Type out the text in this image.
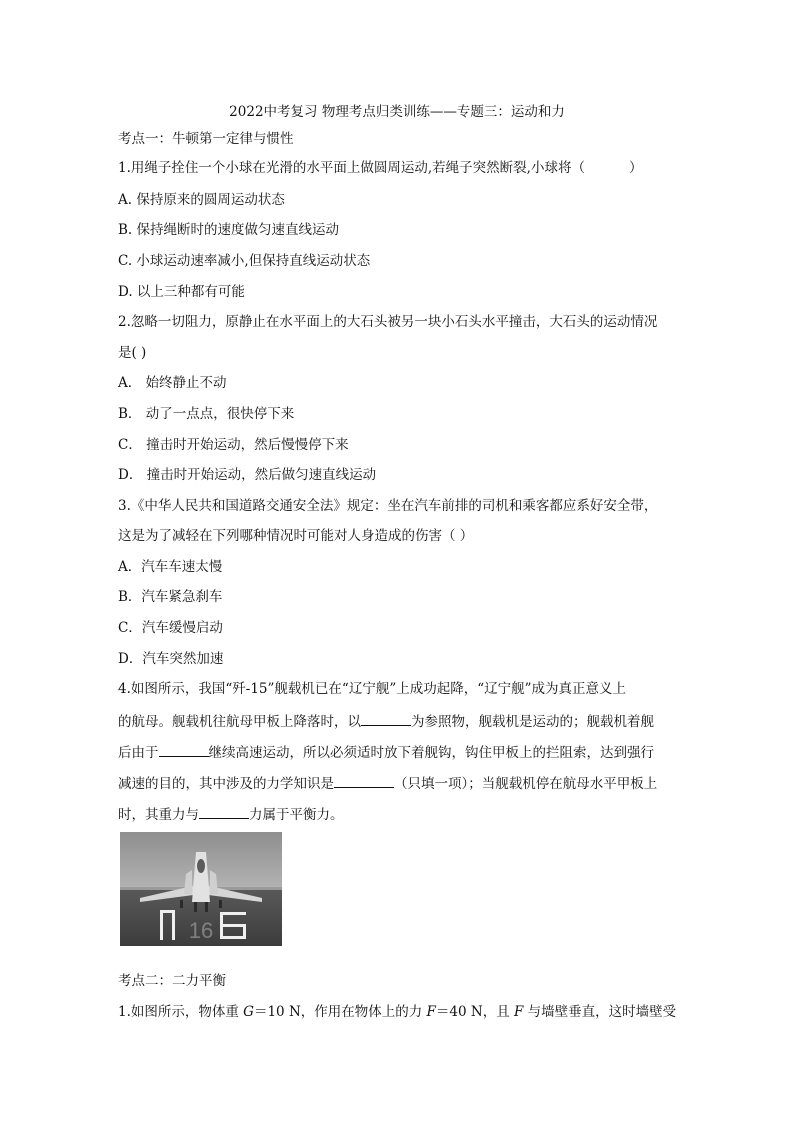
2022中考复习 物理考点归类训练——专题三：运动和力
考点一：牛顿第一定律与惯性
1.用绳子拴住一个小球在光滑的水平面上做圆周运动,若绳子突然断裂,小球将（	）
A. 保持原来的圆周运动状态
B. 保持绳断时的速度做匀速直线运动
C. 小球运动速率减小,但保持直线运动状态
D. 以上三种都有可能
2.忽略一切阻力，原静止在水平面上的大石头被另一块小石头水平撞击，大石头的运动情况
是( )
A． 始终静止不动
B． 动了一点点，很快停下来
C． 撞击时开始运动，然后慢慢停下来
D． 撞击时开始运动，然后做匀速直线运动
3.《中华人民共和国道路交通安全法》规定：坐在汽车前排的司机和乘客都应系好安全带，
这是为了减轻在下列哪种情况时可能对人身造成的伤害（ ）
A．汽车车速太慢
B．汽车紧急刹车
C．汽车缓慢启动
D．汽车突然加速
4.如图所示，我国“歼-15”舰载机已在“辽宁舰”上成功起降，“辽宁舰”成为真正意义上
的航母。舰载机往航母甲板上降落时，以	为参照物，舰载机是运动的；舰载机着舰
后由于	继续高速运动，所以必须适时放下着舰钩，钩住甲板上的拦阻索，达到强行
减速的目的，其中涉及的力学知识是	（只填一项）；当舰载机停在航母水平甲板上
时，其重力与	力属于平衡力。
16
考点二：二力平衡
1.如图所示，物体重 G＝10 N，作用在物体上的力 F＝40 N，且 F 与墙壁垂直，这时墙壁受
